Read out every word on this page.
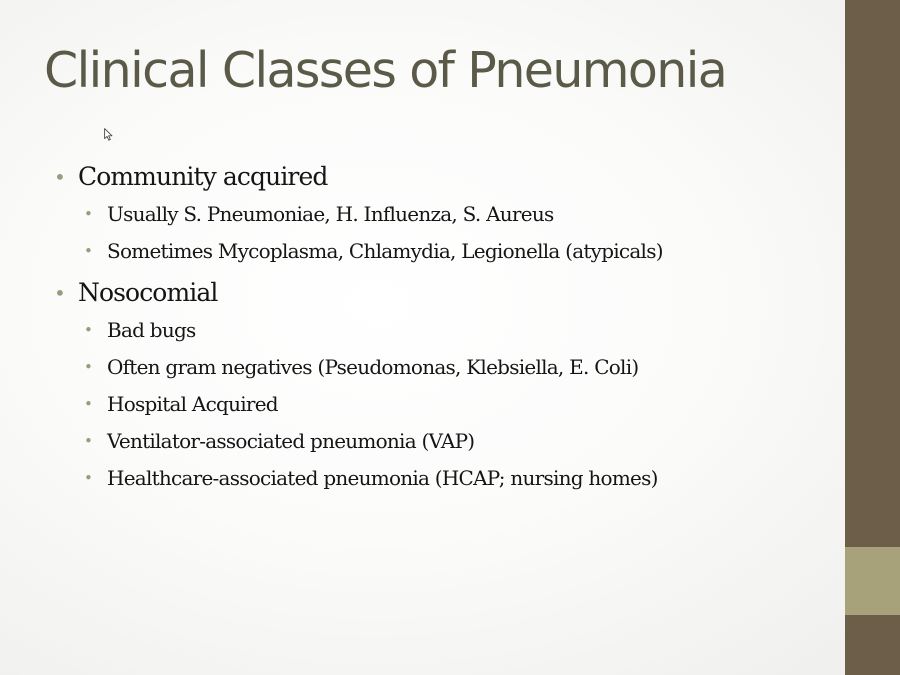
Clinical Classes of Pneumonia
• Community acquired
• Usually S. Pneumoniae, H. Influenza, S. Aureus
• Sometimes Mycoplasma, Chlamydia, Legionella (atypicals)
• Nosocomial
• Bad bugs
• Often gram negatives (Pseudomonas, Klebsiella, E. Coli)
• Hospital Acquired
• Ventilator-associated pneumonia (VAP)
• Healthcare-associated pneumonia (HCAP; nursing homes)
